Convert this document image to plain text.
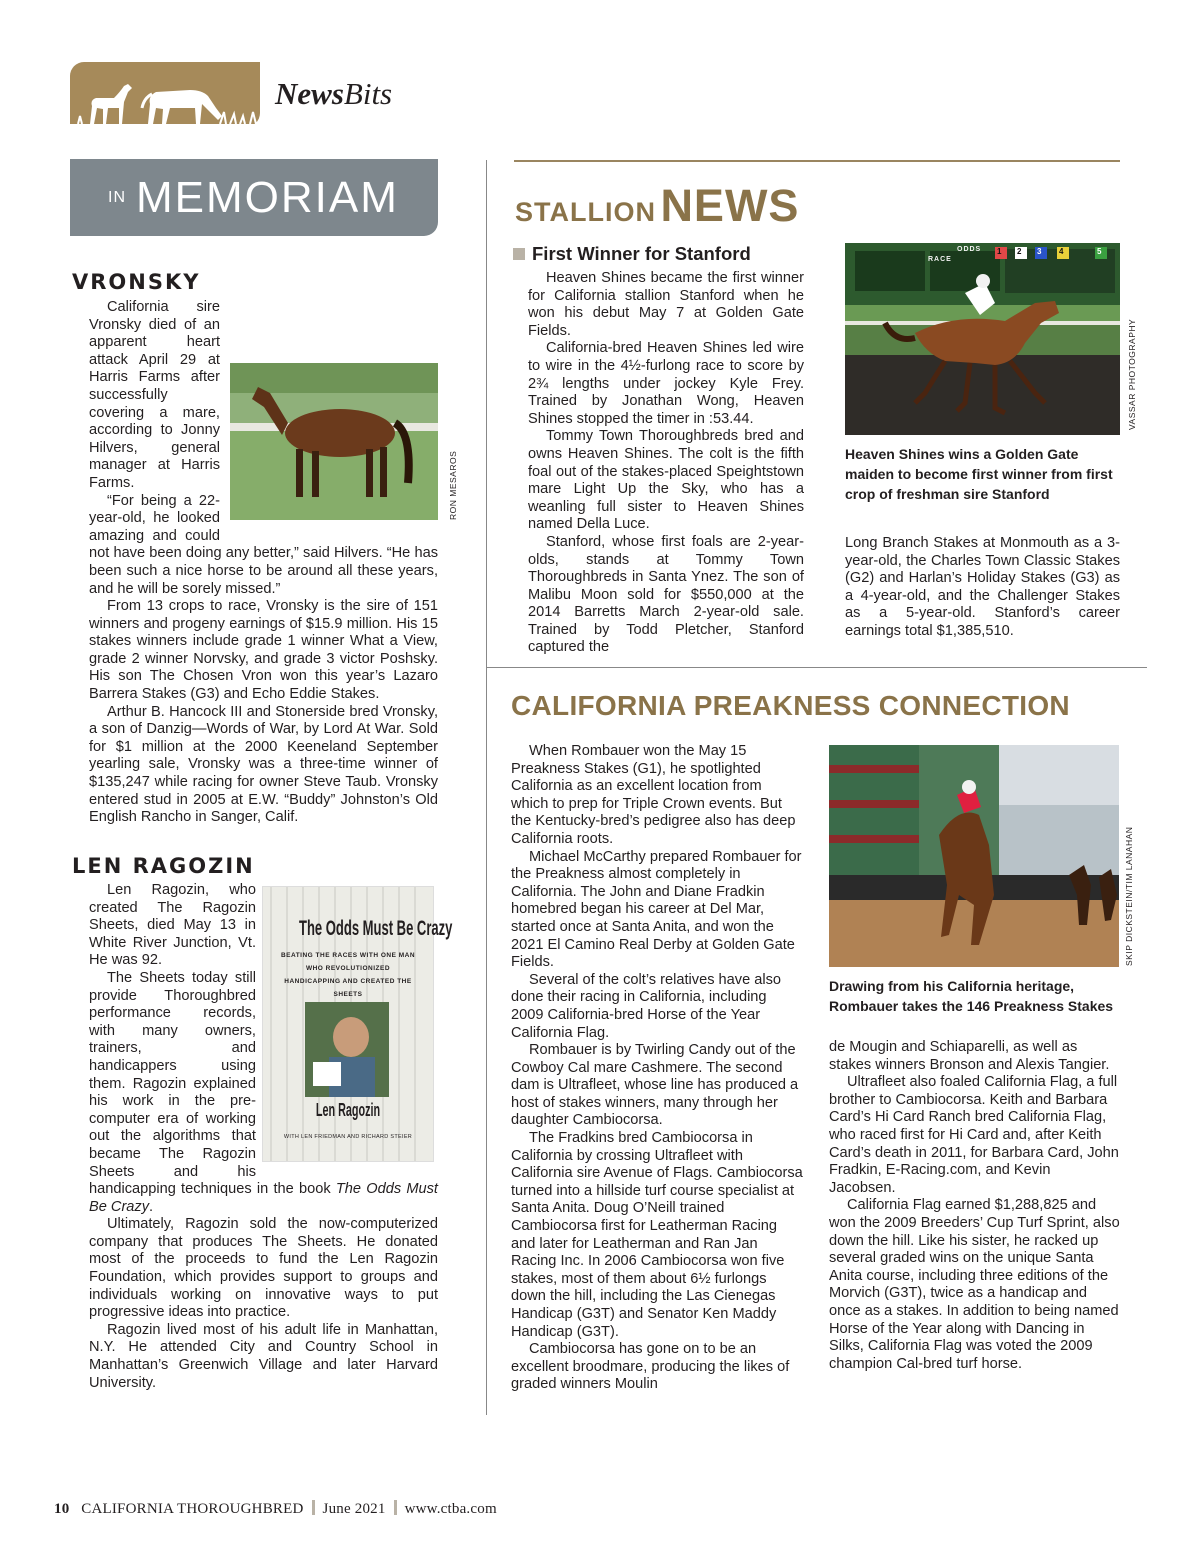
NewsBits
IN MEMORIAM
VRONSKY
RON MESAROS
LEN RAGOZIN
The Odds Must Be Crazy
BEATING THE RACES WITH ONE MAN WHO REVOLUTIONIZED HANDICAPPING AND CREATED THE SHEETS
Len Ragozin
WITH LEN FRIEDMAN AND RICHARD STEIER
STALLION NEWS
First Winner for Stanford
VASSAR PHOTOGRAPHY
Heaven Shines wins a Golden Gate maiden to become first winner from first crop of freshman sire Stanford

Heaven Shines became the first winner for California stallion Stanford when he won his debut May 7 at Golden Gate Fields.

California-bred Heaven Shines led wire to wire in the 4½-furlong race to score by 2¾ lengths under jockey Kyle Frey. Trained by Jonathan Wong, Heaven Shines stopped the timer in :53.44.

Tommy Town Thoroughbreds bred and owns Heaven Shines. The colt is the fifth foal out of the stakes-placed Speightstown mare Light Up the Sky, who has a weanling full sister to Heaven Shines named Della Luce.

Stanford, whose first foals are 2-year-olds, stands at Tommy Town Thoroughbreds in Santa Ynez. The son of Malibu Moon sold for $550,000 at the 2014 Barretts March 2-year-old sale. Trained by Todd Pletcher, Stanford captured the

Long Branch Stakes at Monmouth as a 3-year-old, the Charles Town Classic Stakes (G2) and Harlan’s Holiday Stakes (G3) as a 4-year-old, and the Challenger Stakes as a 5-year-old. Stanford’s career earnings total $1,385,510.

CALIFORNIA PREAKNESS CONNECTION
SKIP DICKSTEIN/TIM LANAHAN
Drawing from his California heritage, Rombauer takes the 146 Preakness Stakes

When Rombauer won the May 15 Preakness Stakes (G1), he spotlighted California as an excellent location from which to prep for Triple Crown events. But the Kentucky-bred’s pedigree also has deep California roots.

Michael McCarthy prepared Rombauer for the Preakness almost completely in California. The John and Diane Fradkin homebred began his career at Del Mar, started once at Santa Anita, and won the 2021 El Camino Real Derby at Golden Gate Fields.

Several of the colt’s relatives have also done their racing in California, including 2009 California-bred Horse of the Year California Flag.

Rombauer is by Twirling Candy out of the Cowboy Cal mare Cashmere. The second dam is Ultrafleet, whose line has produced a host of stakes winners, many through her daughter Cambiocorsa.

The Fradkins bred Cambiocorsa in California by crossing Ultrafleet with California sire Avenue of Flags. Cambiocorsa turned into a hillside turf course specialist at Santa Anita. Doug O’Neill trained Cambiocorsa first for Leatherman Racing and later for Leatherman and Ran Jan Racing Inc. In 2006 Cambiocorsa won five stakes, most of them about 6½ furlongs down the hill, including the Las Cienegas Handicap (G3T) and Senator Ken Maddy Handicap (G3T).

Cambiocorsa has gone on to be an excellent broodmare, producing the likes of graded winners Moulin

de Mougin and Schiaparelli, as well as stakes winners Bronson and Alexis Tangier.

Ultrafleet also foaled California Flag, a full brother to Cambiocorsa. Keith and Barbara Card’s Hi Card Ranch bred California Flag, who raced first for Hi Card and, after Keith Card’s death in 2011, for Barbara Card, John Fradkin, E-Racing.com, and Kevin Jacobsen.

California Flag earned $1,288,825 and won the 2009 Breeders’ Cup Turf Sprint, also down the hill. Like his sister, he racked up several graded wins on the unique Santa Anita course, including three editions of the Morvich (G3T), twice as a handicap and once as a stakes. In addition to being named Horse of the Year along with Dancing in Silks, California Flag was voted the 2009 champion Cal-bred turf horse.

10 CALIFORNIA THOROUGHBRED June 2021 www.ctba.com

California sire Vronsky died of an apparent heart attack April 29 at Harris Farms after successfully covering a mare, according to Jonny Hilvers, general manager at Harris Farms.

“For being a 22-year-old, he looked amazing and could not have been doing any better,” said Hilvers. “He has been such a nice horse to be around all these years, and he will be sorely missed.”

From 13 crops to race, Vronsky is the sire of 151 winners and progeny earnings of $15.9 million. His 15 stakes winners include grade 1 winner What a View, grade 2 winner Norvsky, and grade 3 victor Poshsky. His son The Chosen Vron won this year’s Lazaro Barrera Stakes (G3) and Echo Eddie Stakes.

Arthur B. Hancock III and Stonerside bred Vronsky, a son of Danzig—Words of War, by Lord At War. Sold for $1 million at the 2000 Keeneland September yearling sale, Vronsky was a three-time winner of $135,247 while racing for owner Steve Taub. Vronsky entered stud in 2005 at E.W. “Buddy” Johnston’s Old English Rancho in Sanger, Calif.

Len Ragozin, who created The Ragozin Sheets, died May 13 in White River Junction, Vt. He was 92.

The Sheets today still provide Thoroughbred performance records, with many owners, trainers, and handicappers using them. Ragozin explained his work in the pre-computer era of working out the algorithms that became The Ragozin Sheets and his handicapping techniques in the book The Odds Must Be Crazy.

Ultimately, Ragozin sold the now-computerized company that produces The Sheets. He donated most of the proceeds to fund the Len Ragozin Foundation, which provides support to groups and individuals working on innovative ways to put progressive ideas into practice.

Ragozin lived most of his adult life in Manhattan, N.Y. He attended City and Country School in Manhattan’s Greenwich Village and later Harvard University.

ODDS
RACE
1 2 3 4	5
